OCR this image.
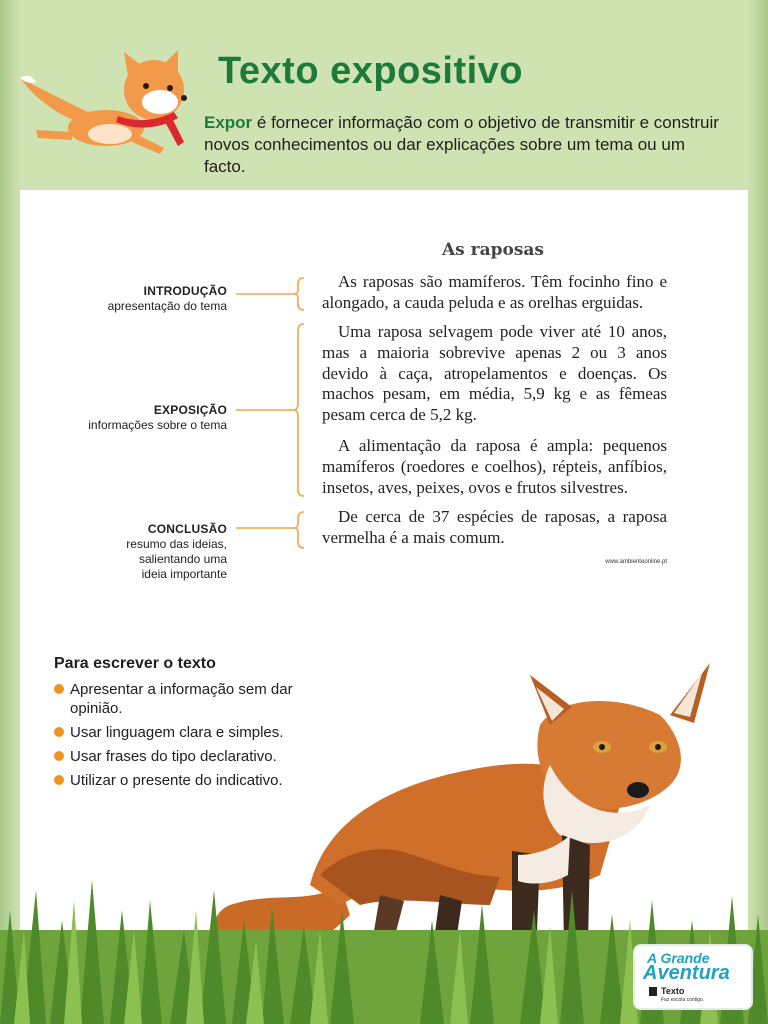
Texto expositivo
Expor é fornecer informação com o objetivo de transmitir e construir novos conhecimentos ou dar explicações sobre um tema ou um facto.
INTRODUÇÃO
apresentação do tema
EXPOSIÇÃO
informações sobre o tema
CONCLUSÃO
resumo das ideias,
salientando uma
ideia importante
As raposas

As raposas são mamíferos. Têm focinho fino e alongado, a cauda peluda e as orelhas erguidas.

Uma raposa selvagem pode viver até 10 anos, mas a maioria sobrevive apenas 2 ou 3 anos devido à caça, atropelamentos e doenças. Os machos pesam, em média, 5,9 kg e as fêmeas pesam cerca de 5,2 kg.

A alimentação da raposa é ampla: pequenos mamíferos (roedores e coelhos), répteis, anfíbios, insetos, aves, peixes, ovos e frutos silvestres.

De cerca de 37 espécies de raposas, a raposa vermelha é a mais comum.

www.ambienteonline.pt
Para escrever o texto
Apresentar a informação sem dar opinião.
Usar linguagem clara e simples.
Usar frases do tipo declarativo.
Utilizar o presente do indicativo.
A Grande
Aventura
Texto
Faz escola contigo.
